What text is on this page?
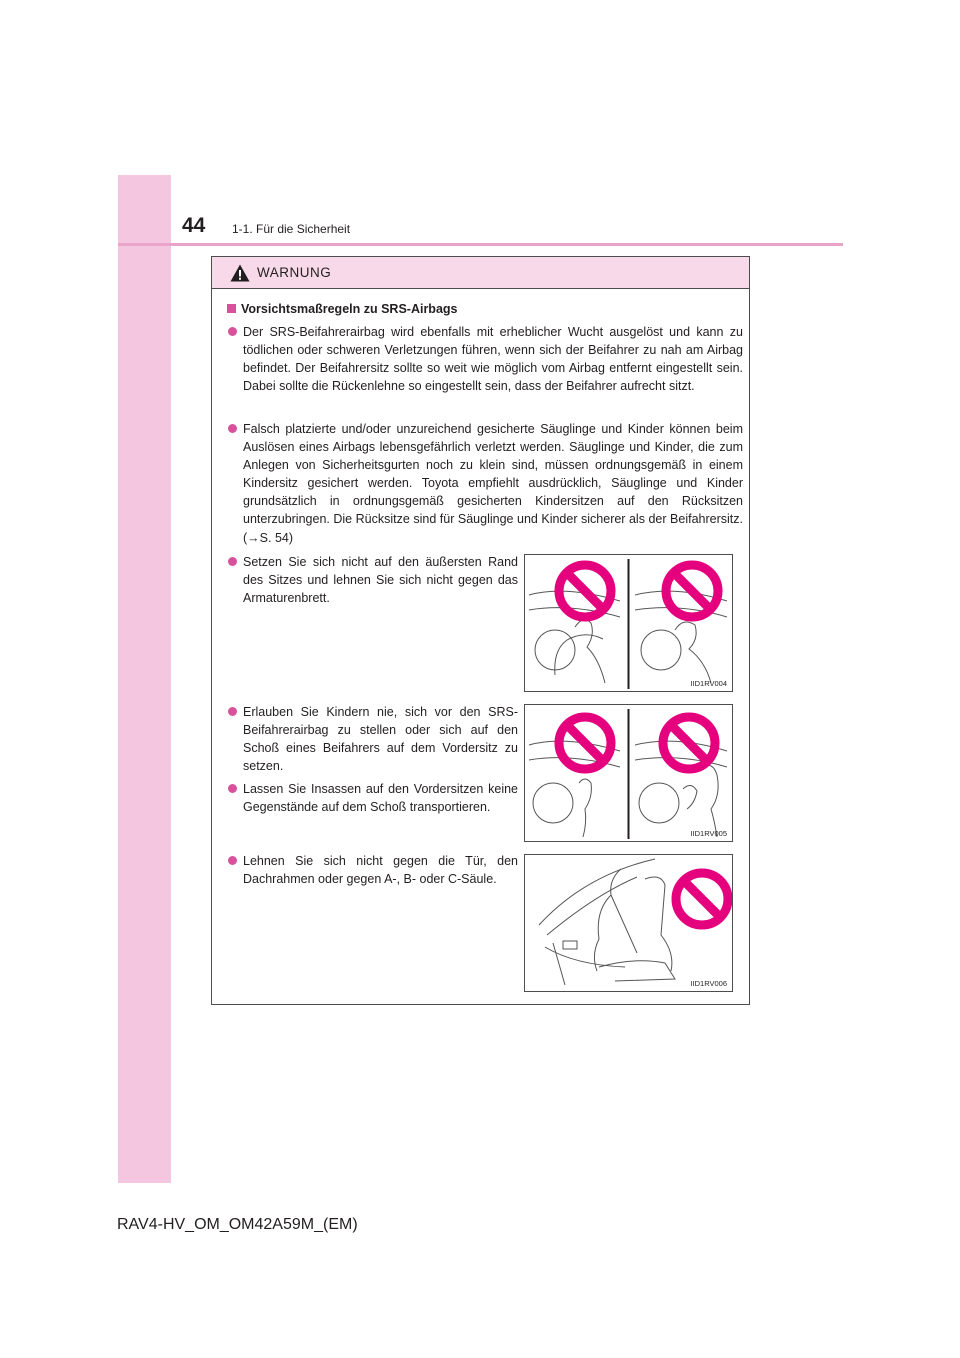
44 1-1. Für die Sicherheit
WARNUNG
Vorsichtsmaßregeln zu SRS-Airbags
Der SRS-Beifahrerairbag wird ebenfalls mit erheblicher Wucht ausgelöst und kann zu tödlichen oder schweren Verletzungen führen, wenn sich der Beifahrer zu nah am Airbag befindet. Der Beifahrersitz sollte so weit wie möglich vom Airbag entfernt eingestellt sein. Dabei sollte die Rückenlehne so eingestellt sein, dass der Beifahrer aufrecht sitzt.
Falsch platzierte und/oder unzureichend gesicherte Säuglinge und Kinder können beim Auslösen eines Airbags lebensgefährlich verletzt werden. Säuglinge und Kinder, die zum Anlegen von Sicherheitsgurten noch zu klein sind, müssen ordnungsgemäß in einem Kindersitz gesichert werden. Toyota empfiehlt ausdrücklich, Säuglinge und Kinder grundsätzlich in ordnungsgemäß gesicherten Kindersitzen auf den Rücksitzen unterzubringen. Die Rücksitze sind für Säuglinge und Kinder sicherer als der Beifahrersitz. (→S. 54)
Setzen Sie sich nicht auf den äußersten Rand des Sitzes und lehnen Sie sich nicht gegen das Armaturenbrett.
Erlauben Sie Kindern nie, sich vor den SRS-Beifahrerairbag zu stellen oder sich auf den Schoß eines Beifahrers auf dem Vordersitz zu setzen.
Lassen Sie Insassen auf den Vordersitzen keine Gegenstände auf dem Schoß transportieren.
Lehnen Sie sich nicht gegen die Tür, den Dachrahmen oder gegen A-, B- oder C-Säule.
IID1RV004
IID1RV005
IID1RV006
RAV4-HV_OM_OM42A59M_(EM)
